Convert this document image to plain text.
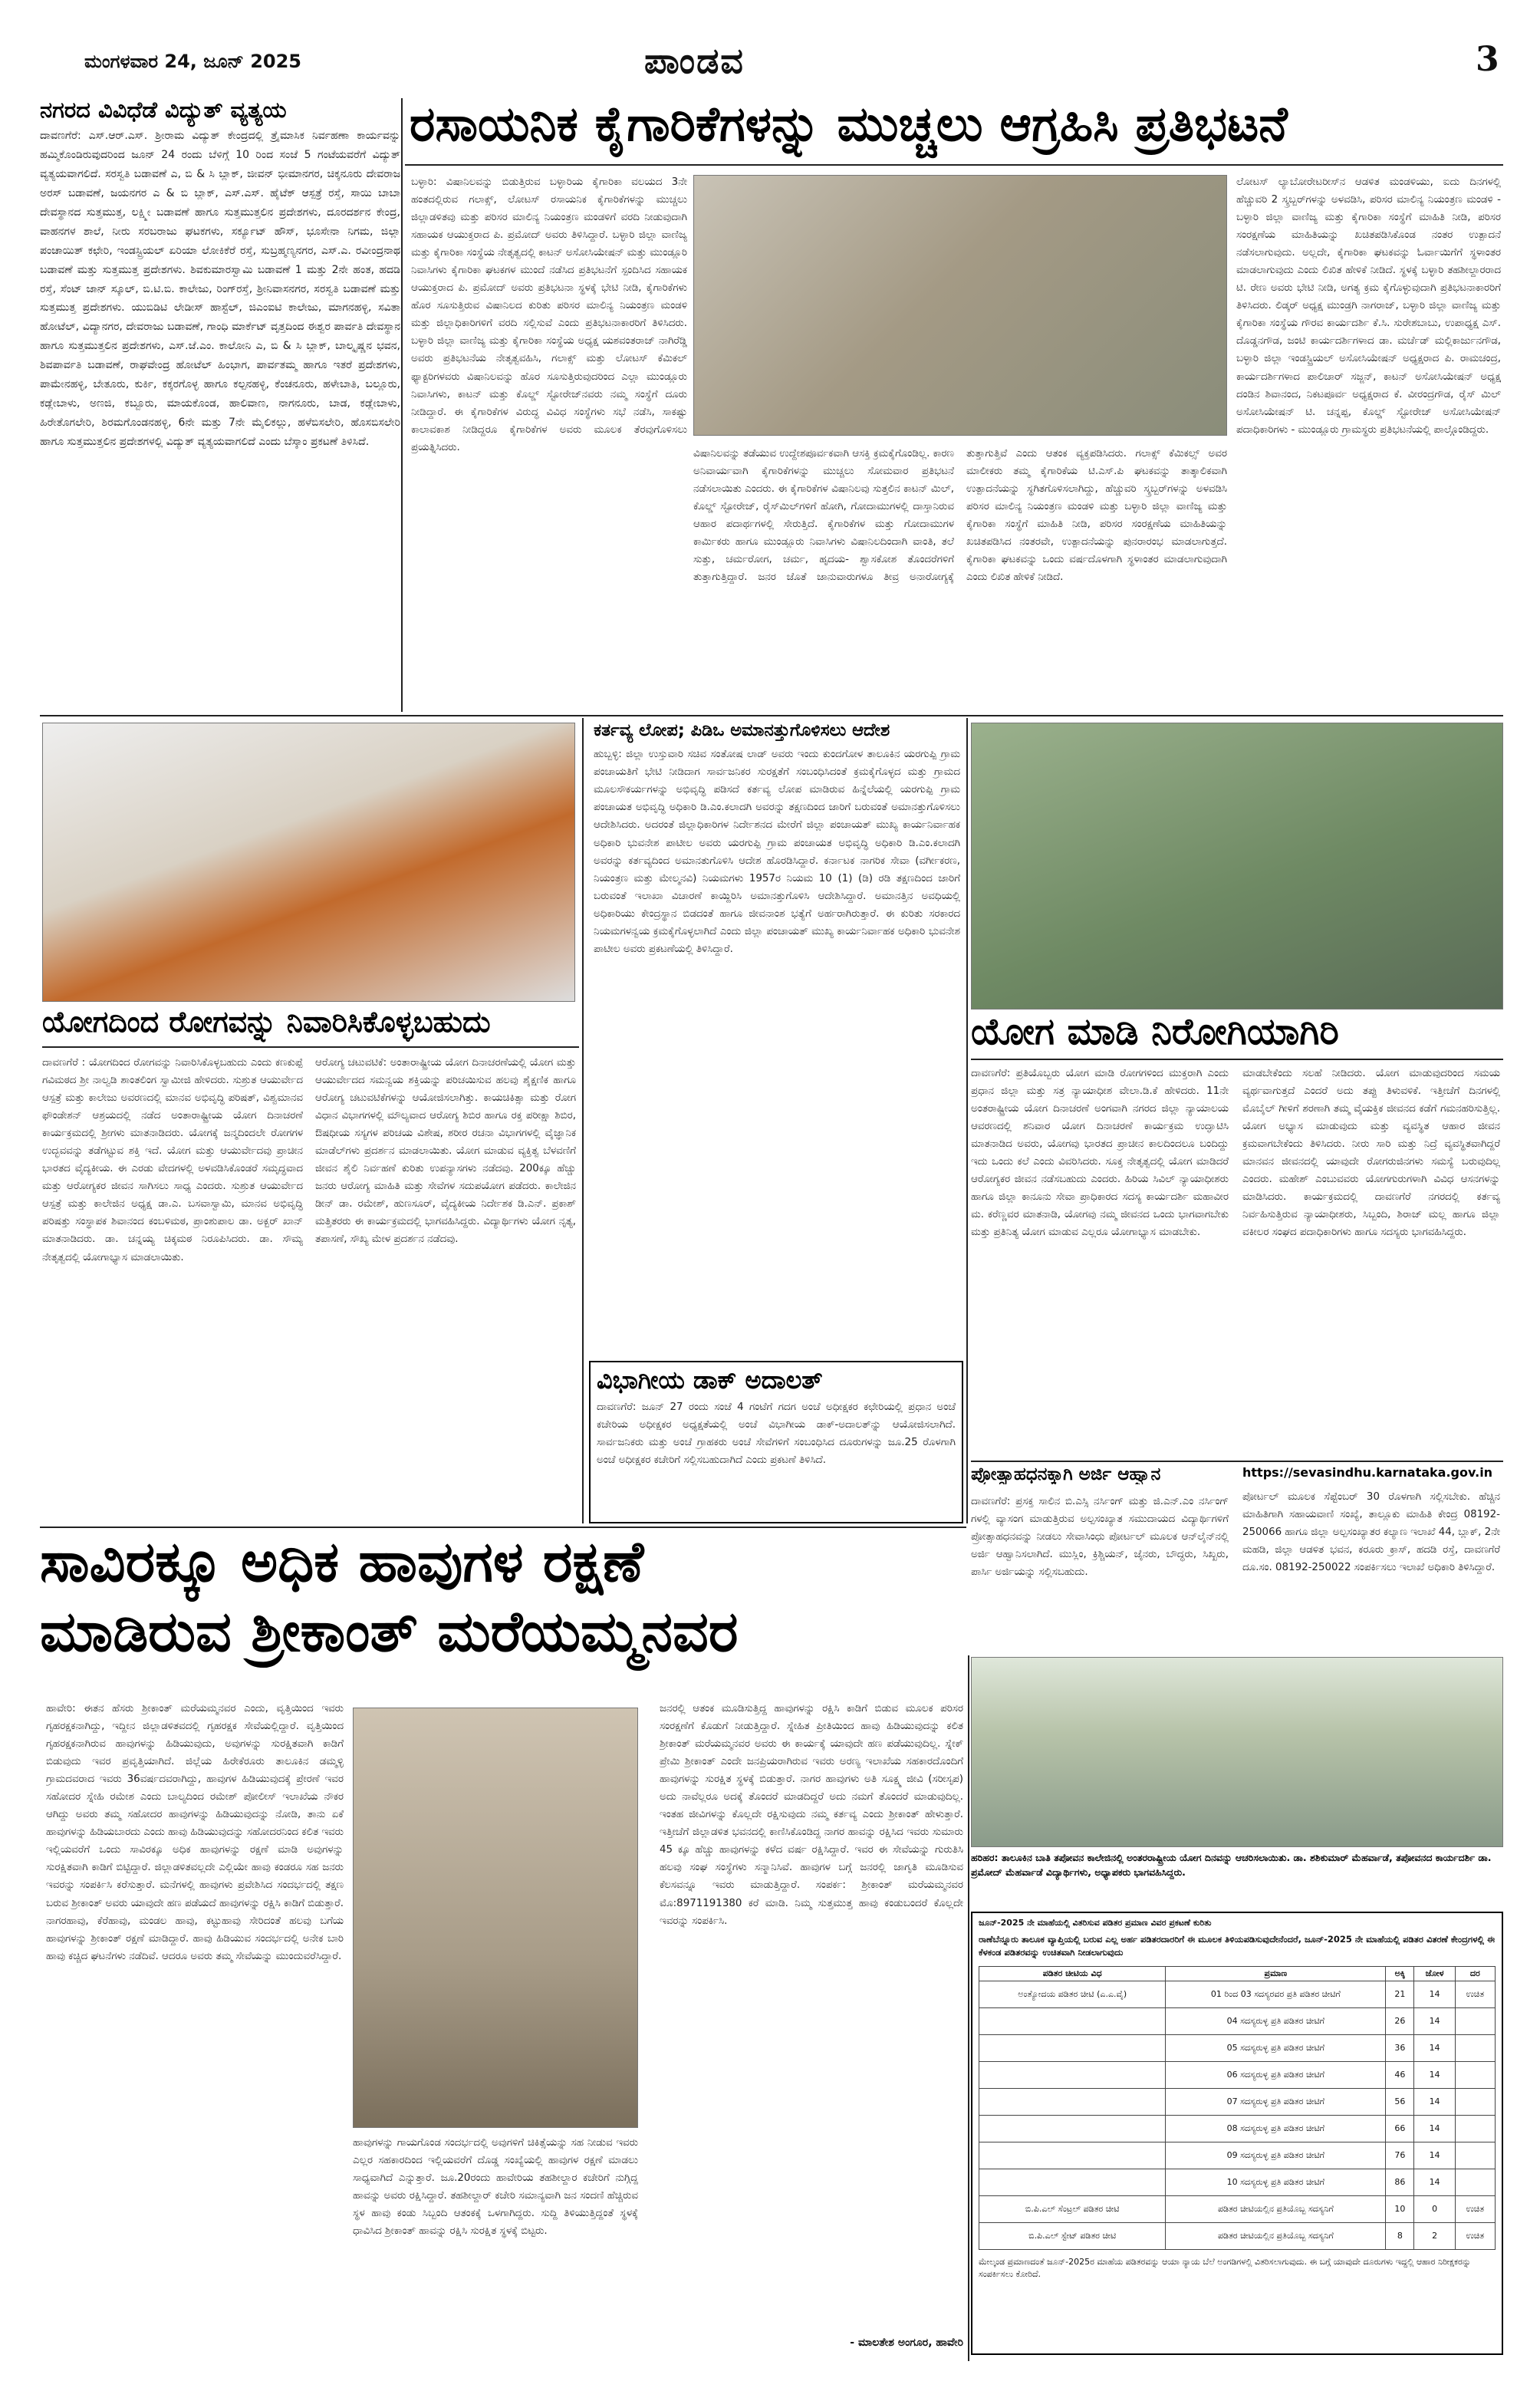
ಮಂಗಳವಾರ 24, ಜೂನ್ 2025	ಪಾಂಡವ	3
ನಗರದ ವಿವಿಧೆಡೆ ವಿದ್ಯುತ್ ವ್ಯತ್ಯಯ
ದಾವಣಗೆರೆ: ಎಸ್.ಆರ್.ಎಸ್. ಶ್ರೀರಾಮ ವಿದ್ಯುತ್ ಕೇಂದ್ರದಲ್ಲಿ ತ್ರೈಮಾಸಿಕ ನಿರ್ವಹಣಾ ಕಾರ್ಯವನ್ನು ಹಮ್ಮಿಕೊಂಡಿರುವುದರಿಂದ ಜೂನ್ 24 ರಂದು ಬೆಳಿಗ್ಗೆ 10 ರಿಂದ ಸಂಜೆ 5 ಗಂಟೆಯವರೆಗೆ ವಿದ್ಯುತ್ ವ್ಯತ್ಯಯವಾಗಲಿದೆ. ಸರಸ್ವತಿ ಬಡಾವಣೆ ಎ, ಬಿ & ಸಿ ಬ್ಲಾಕ್, ಜೀವನ್ ಭೀಮಾನಗರ, ಚಿಕ್ಕನೂರು ದೇವರಾಜ ಅರಸ್ ಬಡಾವಣೆ, ಜಯನಗರ ಎ & ಬಿ ಬ್ಲಾಕ್, ಎಸ್.ಎಸ್. ಹೈಟೆಕ್ ಆಸ್ಪತ್ರೆ ರಸ್ತೆ, ಸಾಯಿ ಬಾಬಾ ದೇವಸ್ಥಾನದ ಸುತ್ತಮುತ್ತ, ಲಕ್ಷ್ಮೀ ಬಡಾವಣೆ ಹಾಗೂ ಸುತ್ತಮುತ್ತಲಿನ ಪ್ರದೇಶಗಳು, ದೂರದರ್ಶನ ಕೇಂದ್ರ, ವಾಹನಗಳ ಶಾಲೆ, ನೀರು ಸರಬರಾಜು ಘಟಕಗಳು, ಸರ್ಕ್ಯೂಟ್ ಹೌಸ್, ಭೂಸೇನಾ ನಿಗಮ, ಜಿಲ್ಲಾ ಪಂಚಾಯಿತ್ ಕಛೇರಿ, ಇಂಡಸ್ಟ್ರಿಯಲ್ ಏರಿಯಾ ಲೋಕಿಕೆರೆ ರಸ್ತೆ, ಸುಬ್ರಹ್ಮಣ್ಯನಗರ, ಎಸ್.ಎ. ರವೀಂದ್ರನಾಥ ಬಡಾವಣೆ ಮತ್ತು ಸುತ್ತಮುತ್ತ ಪ್ರದೇಶಗಳು. ಶಿವಕುಮಾರಸ್ವಾಮಿ ಬಡಾವಣೆ 1 ಮತ್ತು 2ನೇ ಹಂತ, ಹದಡಿ ರಸ್ತೆ, ಸೆಂಟ್ ಜಾನ್ ಸ್ಕೂಲ್, ಬಿ.ಟಿ.ಬಿ. ಕಾಲೇಜು, ರಿಂಗ್‌ರಸ್ತೆ, ಶ್ರೀನಿವಾಸನಗರ, ಸರಸ್ವತಿ ಬಡಾವಣೆ ಮತ್ತು ಸುತ್ತಮುತ್ತ ಪ್ರದೇಶಗಳು. ಯುಬಿಡಿಟಿ ಲೇಡೀಸ್ ಹಾಸ್ಟೆಲ್, ಜಿಎಂಐಟಿ ಕಾಲೇಜು, ಮಾಗನಹಳ್ಳಿ, ಸವಿತಾ ಹೋಟೆಲ್, ವಿದ್ಯಾನಗರ, ದೇವರಾಜು ಬಡಾವಣೆ, ಗಾಂಧಿ ಮಾರ್ಕೆಟ್ ವೃತ್ತದಿಂದ ಈಶ್ವರ ಪಾರ್ವತಿ ದೇವಸ್ಥಾನ ಹಾಗೂ ಸುತ್ತಮುತ್ತಲಿನ ಪ್ರದೇಶಗಳು, ಎಸ್.ಜೆ.ಎಂ. ಕಾಲೋನಿ ಎ, ಬಿ & ಸಿ ಬ್ಲಾಕ್, ಬಾಲ್ಕೃಷ್ಣನ ಭವನ, ಶಿವಪಾರ್ವತಿ ಬಡಾವಣೆ, ರಾಘವೇಂದ್ರ ಹೋಟೆಲ್ ಹಿಂಭಾಗ, ಪಾರ್ವತಮ್ಮ ಹಾಗೂ ಇತರೆ ಪ್ರದೇಶಗಳು, ಪಾಮೇನಹಳ್ಳಿ, ಬೇತೂರು, ಕುರ್ಕಿ, ಕಕ್ಕರಗೊಳ್ಳ ಹಾಗೂ ಕಲ್ಪನಹಳ್ಳಿ, ಕೆಂಚನೂರು, ಹಳೇಬಾತಿ, ಬಲ್ಲೂರು, ಕಡ್ಲೇಬಾಳು, ಅಣಜಿ, ಕಬ್ಬೂರು, ಮಾಯಕೊಂಡ, ಹಾಲಿವಾಣ, ನಾಗನೂರು, ಬಾಡ, ಕಡ್ಲೇಬಾಳು, ಹಿರೇತೊಗಲೇರಿ, ಶಿರಮಗೊಂಡನಹಳ್ಳಿ, 6ನೇ ಮತ್ತು 7ನೇ ಮೈಲಿಕಲ್ಲು, ಹಳೆಬಿಸಲೇರಿ, ಹೊಸಬಿಸಲೇರಿ ಹಾಗೂ ಸುತ್ತಮುತ್ತಲಿನ ಪ್ರದೇಶಗಳಲ್ಲಿ ವಿದ್ಯುತ್ ವ್ಯತ್ಯಯವಾಗಲಿದೆ ಎಂದು ಬೆಸ್ಕಾಂ ಪ್ರಕಟಣೆ ತಿಳಿಸಿದೆ.
ರಸಾಯನಿಕ ಕೈಗಾರಿಕೆಗಳನ್ನು ಮುಚ್ಚಲು ಆಗ್ರಹಿಸಿ ಪ್ರತಿಭಟನೆ
ಬಳ್ಳಾರಿ: ವಿಷಾನಿಲವನ್ನು ಬಿಡುತ್ತಿರುವ ಬಳ್ಳಾರಿಯ ಕೈಗಾರಿಕಾ ವಲಯದ 3ನೇ ಹಂತದಲ್ಲಿರುವ ಗಲಾಕ್ಸ್, ಲೋಟಸ್ ರಸಾಯನಿಕ ಕೈಗಾರಿಕೆಗಳನ್ನು ಮುಚ್ಚಲು ಜಿಲ್ಲಾಡಳಿತವು ಮತ್ತು ಪರಿಸರ ಮಾಲಿನ್ಯ ನಿಯಂತ್ರಣ ಮಂಡಳಿಗೆ ವರದಿ ನೀಡುವುದಾಗಿ ಸಹಾಯಕ ಆಯುಕ್ತರಾದ ಪಿ. ಪ್ರಮೋದ್ ಅವರು ತಿಳಿಸಿದ್ದಾರೆ. ಬಳ್ಳಾರಿ ಜಿಲ್ಲಾ ವಾಣಿಜ್ಯ ಮತ್ತು ಕೈಗಾರಿಕಾ ಸಂಸ್ಥೆಯ ನೇತೃತ್ವದಲ್ಲಿ ಕಾಟನ್ ಅಸೋಸಿಯೇಷನ್ ಮತ್ತು ಮುಂಡ್ಲೂರಿ ನಿವಾಸಿಗಳು ಕೈಗಾರಿಕಾ ಘಟಕಗಳ ಮುಂದೆ ನಡೆಸಿದ ಪ್ರತಿಭಟನೆಗೆ ಸ್ಪಂದಿಸಿದ ಸಹಾಯಕ ಆಯುಕ್ತರಾದ ಪಿ. ಪ್ರಮೋದ್ ಅವರು ಪ್ರತಿಭಟನಾ ಸ್ಥಳಕ್ಕೆ ಭೇಟಿ ನೀಡಿ, ಕೈಗಾರಿಕೆಗಳು ಹೊರ ಸೂಸುತ್ತಿರುವ ವಿಷಾನಿಲದ ಕುರಿತು ಪರಿಸರ ಮಾಲಿನ್ಯ ನಿಯಂತ್ರಣ ಮಂಡಳಿ ಮತ್ತು ಜಿಲ್ಲಾಧಿಕಾರಿಗಳಿಗೆ ವರದಿ ಸಲ್ಲಿಸುವೆ ಎಂದು ಪ್ರತಿಭಟನಾಕಾರರಿಗೆ ತಿಳಿಸಿದರು. ಬಳ್ಳಾರಿ ಜಿಲ್ಲಾ ವಾಣಿಜ್ಯ ಮತ್ತು ಕೈಗಾರಿಕಾ ಸಂಸ್ಥೆಯ ಅಧ್ಯಕ್ಷ ಯಶವಂತರಾಜ್ ನಾಗಿರೆಡ್ಡಿ ಅವರು ಪ್ರತಿಭಟನೆಯ ನೇತೃತ್ವವಹಿಸಿ, ಗಲಾಕ್ಸ್ ಮತ್ತು ಲೋಟಸ್ ಕೆಮಿಕಲ್ ಫ್ಯಾಕ್ಟರಿಗಳವರು ವಿಷಾನಿಲವನ್ನು ಹೊರ ಸೂಸುತ್ತಿರುವುದರಿಂದ ಎಲ್ಲಾ ಮುಂಡ್ಲೂರು ನಿವಾಸಿಗಳು, ಕಾಟನ್ ಮತ್ತು ಕೊಲ್ಡ್ ಸ್ಟೋರೇಜ್‌ನವರು ನಮ್ಮ ಸಂಸ್ಥೆಗೆ ದೂರು ನೀಡಿದ್ದಾರೆ. ಈ ಕೈಗಾರಿಕೆಗಳ ವಿರುದ್ಧ ವಿವಿಧ ಸಂಸ್ಥೆಗಳು ಸಭೆ ನಡೆಸಿ, ಸಾಕಷ್ಟು ಕಾಲಾವಕಾಶ ನೀಡಿದ್ದರೂ ಕೈಗಾರಿಕೆಗಳ ಅವರು ಮೂಲಕ ತೆರವುಗೊಳಿಸಲು ಪ್ರಯತ್ನಿಸಿದರು.
ವಿಷಾನಿಲವನ್ನು ತಡೆಯುವ ಉದ್ದೇಶಪೂರ್ವಕವಾಗಿ ಆಸಕ್ತಿ ಕ್ರಮಕೈಗೊಂಡಿಲ್ಲ. ಕಾರಣ ಅನಿವಾರ್ಯವಾಗಿ ಕೈಗಾರಿಕೆಗಳನ್ನು ಮುಚ್ಚಲು ಸೋಮವಾರ ಪ್ರತಿಭಟನೆ ನಡೆಸಲಾಯಿತು ಎಂದರು. ಈ ಕೈಗಾರಿಕೆಗಳ ವಿಷಾನಿಲವು ಸುತ್ತಲಿನ ಕಾಟನ್ ಮಿಲ್, ಕೊಲ್ಡ್ ಸ್ಟೋರೇಜ್, ರೈಸ್‌ಮಿಲ್‌ಗಳಿಗೆ ಹೋಗಿ, ಗೋದಾಮುಗಳಲ್ಲಿ ದಾಸ್ತಾನಿರುವ ಆಹಾರ ಪದಾರ್ಥಗಳಲ್ಲಿ ಸೇರುತ್ತಿದೆ. ಕೈಗಾರಿಕೆಗಳ ಮತ್ತು ಗೋದಾಮುಗಳ ಕಾರ್ಮಿಕರು ಹಾಗೂ ಮುಂಡ್ಲೂರು ನಿವಾಸಿಗಳು ವಿಷಾನಿಲದಿಂದಾಗಿ ವಾಂತಿ, ತಲೆ ಸುತ್ತು, ಚರ್ಮರೋಗ, ಚರ್ಮ, ಹೃದಯ- ಶ್ವಾಸಕೋಶ ತೊಂದರೆಗಳಿಗೆ ತುತ್ತಾಗುತ್ತಿದ್ದಾರೆ. ಜನರ ಜೊತೆ ಜಾನುವಾರುಗಳೂ ತೀವ್ರ ಅನಾರೋಗ್ಯಕ್ಕೆ ತುತ್ತಾಗುತ್ತಿವೆ ಎಂದು ಆತಂಕ ವ್ಯಕ್ತಪಡಿಸಿದರು. ಗಲಾಕ್ಸ್ ಕೆಮಿಕಲ್ಸ್ ಅವರ ಮಾಲೀಕರು ತಮ್ಮ ಕೈಗಾರಿಕೆಯ ಟಿ.ಎಸ್.ಪಿ ಘಟಕವನ್ನು ತಾತ್ಕಾಲಿಕವಾಗಿ ಉತ್ಪಾದನೆಯನ್ನು ಸ್ಥಗಿತಗೊಳಿಸಲಾಗಿದ್ದು, ಹೆಚ್ಚುವರಿ ಸ್ಕ್ರಬ್ಬರ್‌ಗಳನ್ನು ಅಳವಡಿಸಿ ಪರಿಸರ ಮಾಲಿನ್ಯ ನಿಯಂತ್ರಣ ಮಂಡಳಿ ಮತ್ತು ಬಳ್ಳಾರಿ ಜಿಲ್ಲಾ ವಾಣಿಜ್ಯ ಮತ್ತು ಕೈಗಾರಿಕಾ ಸಂಸ್ಥೆಗೆ ಮಾಹಿತಿ ನೀಡಿ, ಪರಿಸರ ಸಂರಕ್ಷಣೆಯ ಮಾಹಿತಿಯನ್ನು ಖಚಿತಪಡಿಸಿದ ನಂತರವೇ, ಉತ್ಪಾದನೆಯನ್ನು ಪುನರಾರಂಭ ಮಾಡಲಾಗುತ್ತದೆ. ಕೈಗಾರಿಕಾ ಘಟಕವನ್ನು ಒಂದು ವರ್ಷದೊಳಗಾಗಿ ಸ್ಥಳಾಂತರ ಮಾಡಲಾಗುವುದಾಗಿ ಎಂದು ಲಿಖಿತ ಹೇಳಿಕೆ ನೀಡಿದೆ.
ಲೋಟಸ್ ಲ್ಯಾಬೋರೇಟರೀಸ್‌ನ ಆಡಳಿತ ಮಂಡಳಿಯು, ಐದು ದಿನಗಳಲ್ಲಿ ಹೆಚ್ಚುವರಿ 2 ಸ್ಕ್ರಬ್ಬರ್‌ಗಳನ್ನು ಅಳವಡಿಸಿ, ಪರಿಸರ ಮಾಲಿನ್ಯ ನಿಯಂತ್ರಣ ಮಂಡಳಿ - ಬಳ್ಳಾರಿ ಜಿಲ್ಲಾ ವಾಣಿಜ್ಯ ಮತ್ತು ಕೈಗಾರಿಕಾ ಸಂಸ್ಥೆಗೆ ಮಾಹಿತಿ ನೀಡಿ, ಪರಿಸರ ಸಂರಕ್ಷಣೆಯ ಮಾಹಿತಿಯನ್ನು ಖಚಿತಪಡಿಸಿಕೊಂಡ ನಂತರ ಉತ್ಪಾದನೆ ನಡೆಸಲಾಗುವುದು. ಅಲ್ಲದೇ, ಕೈಗಾರಿಕಾ ಘಟಕವನ್ನು ಓರ್ವಾಯಿಗೆಗೆ ಸ್ಥಳಾಂತರ ಮಾಡಲಾಗುವುದು ಎಂದು ಲಿಖಿತ ಹೇಳಿಕೆ ನೀಡಿದೆ. ಸ್ಥಳಕ್ಕೆ ಬಳ್ಳಾರಿ ತಹಶೀಲ್ದಾರರಾದ ಟಿ. ರೇಣ ಅವರು ಭೇಟಿ ನೀಡಿ, ಅಗತ್ಯ ಕ್ರಮ ಕೈಗೊಳ್ಳುವುದಾಗಿ ಪ್ರತಿಭಟನಾಕಾರರಿಗೆ ತಿಳಿಸಿದರು. ಲಿಡ್ಕರ್ ಅಧ್ಯಕ್ಷ ಮುಂಡ್ರಗಿ ನಾಗರಾಜ್, ಬಳ್ಳಾರಿ ಜಿಲ್ಲಾ ವಾಣಿಜ್ಯ ಮತ್ತು ಕೈಗಾರಿಕಾ ಸಂಸ್ಥೆಯ ಗೌರವ ಕಾರ್ಯದರ್ಶಿ ಕೆ.ಸಿ. ಸುರೇಶಬಾಬು, ಉಪಾಧ್ಯಕ್ಷ ಎಸ್. ದೊಡ್ಡನಗೌಡ, ಜಂಟಿ ಕಾರ್ಯದರ್ಶಿಗಳಾದ ಡಾ. ಮರ್ಚೆಡ್ ಮಲ್ಲಿಕಾರ್ಜುನಗೌಡ, ಬಳ್ಳಾರಿ ಜಿಲ್ಲಾ ಇಂಡಸ್ಟ್ರಿಯಲ್ ಅಸೋಸಿಯೇಷನ್ ಅಧ್ಯಕ್ಷರಾದ ಪಿ. ರಾಮಚಂದ್ರ, ಕಾರ್ಯದರ್ಶಿಗಳಾದ ಪಾಲಿಚಾರ್ ಸಜ್ಜನ್, ಕಾಟನ್ ಅಸೋಸಿಯೇಷನ್ ಅಧ್ಯಕ್ಷ ದಂಡಿನ ಶಿವಾನಂದ, ನಿಕಟಪೂರ್ವ ಅಧ್ಯಕ್ಷರಾದ ಕೆ. ವೀರಂದ್ರಗೌಡ, ರೈಸ್ ಮಿಲ್ ಅಸೋಸಿಯೇಷನ್ ಟಿ. ಚನ್ನಪ್ಪ, ಕೊಲ್ಡ್ ಸ್ಟೋರೇಜ್ ಅಸೋಸಿಯೇಷನ್ ಪದಾಧಿಕಾರಿಗಳು - ಮುಂಡ್ಲೂರು ಗ್ರಾಮಸ್ಥರು ಪ್ರತಿಭಟನೆಯಲ್ಲಿ ಪಾಲ್ಗೊಂಡಿದ್ದರು.
ಯೋಗದಿಂದ ರೋಗವನ್ನು ನಿವಾರಿಸಿಕೊಳ್ಳಬಹುದು
ದಾವಣಗೆರೆ : ಯೋಗದಿಂದ ರೋಗವನ್ನು ನಿವಾರಿಸಿಕೊಳ್ಳಬಹುದು ಎಂದು ಕಣಕುಪ್ಪೆ ಗವಿಮಠದ ಶ್ರೀ ನಾಲ್ವಡಿ ಶಾಂತಲಿಂಗ ಸ್ವಾಮೀಜಿ ಹೇಳಿದರು. ಸುಶ್ರುತ ಆಯುರ್ವೇದ ಆಸ್ಪತ್ರೆ ಮತ್ತು ಕಾಲೇಜು ಅವರಣದಲ್ಲಿ ಮಾನವ ಅಭಿವೃದ್ಧಿ ಪರಿಷತ್, ವಿಶ್ವಮಾನವ ಫೌಂಡೇಶನ್ ಆಶ್ರಯದಲ್ಲಿ ನಡೆದ ಅಂತಾರಾಷ್ಟ್ರೀಯ ಯೋಗ ದಿನಾಚರಣೆ ಕಾರ್ಯಕ್ರಮದಲ್ಲಿ ಶ್ರೀಗಳು ಮಾತನಾಡಿದರು. ಯೋಗಕ್ಕೆ ಜನ್ಮದಿಂದಲೇ ರೋಗಗಳ ಉದ್ಭವವನ್ನು ತಡೆಗಟ್ಟುವ ಶಕ್ತಿ ಇದೆ. ಯೋಗ ಮತ್ತು ಆಯುರ್ವೇದವು ಪ್ರಾಚೀನ ಭಾರತದ ವೈದ್ಯಕೀಯ. ಈ ಎರಡು ವೇದಗಳಲ್ಲಿ ಅಳವಡಿಸಿಕೊಂಡರೆ ಸಮೃದ್ಧವಾದ ಮತ್ತು ಆರೋಗ್ಯಕರ ಜೀವನ ಸಾಗಿಸಲು ಸಾಧ್ಯ ಎಂದರು. ಸುಶ್ರುತ ಆಯುರ್ವೇದ ಆಸ್ಪತ್ರೆ ಮತ್ತು ಕಾಲೇಜಿನ ಅಧ್ಯಕ್ಷ ಡಾ.ಎ. ಬಸವಾಸ್ವಾಮಿ, ಮಾನವ ಅಭಿವೃದ್ಧಿ ಪರಿಷತ್ತು ಸಂಸ್ಥಾಪಕ ಶಿವಾನಂದ ಕಂಬಳಿಮಠ, ಪ್ರಾಂಶುಪಾಲ ಡಾ. ಅಕ್ಬರ್ ಖಾನ್ ಮಾತನಾಡಿದರು. ಡಾ. ಚನ್ನಯ್ಯ ಚಿಕ್ಕಮಠ ನಿರೂಪಿಸಿದರು. ಡಾ. ಸೌಮ್ಯ ನೇತೃತ್ವದಲ್ಲಿ ಯೋಗಾಭ್ಯಾಸ ಮಾಡಲಾಯಿತು.
ಆರೋಗ್ಯ ಚಟುವಟಿಕೆ: ಅಂತಾರಾಷ್ಟ್ರೀಯ ಯೋಗ ದಿನಾಚರಣೆಯಲ್ಲಿ ಯೋಗ ಮತ್ತು ಆಯುರ್ವೇದದ ಸಮನ್ವಯ ಶಕ್ತಿಯನ್ನು ಪರಿಚಯಿಸುವ ಹಲವು ಶೈಕ್ಷಣಿಕ ಹಾಗೂ ಆರೋಗ್ಯ ಚಟುವಟಿಕೆಗಳನ್ನು ಆಯೋಜಿಸಲಾಗಿತ್ತು. ಕಾಯಚಿಕಿತ್ಸಾ ಮತ್ತು ರೋಗ ವಿಧಾನ ವಿಭಾಗಗಳಲ್ಲಿ ಮೌಲ್ಯವಾದ ಆರೋಗ್ಯ ಶಿಬಿರ ಹಾಗೂ ರಕ್ತ ಪರೀಕ್ಷಾ ಶಿಬಿರ, ಔಷಧೀಯ ಸಸ್ಯಗಳ ಪರಿಚಯ ವಿಶೇಷ, ಶರೀರ ರಚನಾ ವಿಭಾಗಗಳಲ್ಲಿ ವೈಜ್ಞಾನಿಕ ಮಾಡೆಲ್‌ಗಳು ಪ್ರದರ್ಶನ ಮಾಡಲಾಯಿತು. ಯೋಗ ಮಾಡುವ ವ್ಯಕ್ತಿತ್ವ ಬೆಳವಣಿಗೆ ಜೀವನ ಶೈಲಿ ನಿರ್ವಹಣೆ ಕುರಿತು ಉಪನ್ಯಾಸಗಳು ನಡೆದವು. 200ಕ್ಕೂ ಹೆಚ್ಚು ಜನರು ಆರೋಗ್ಯ ಮಾಹಿತಿ ಮತ್ತು ಸೇವೆಗಳ ಸದುಪಯೋಗ ಪಡೆದರು. ಕಾಲೇಜಿನ ಡೀನ್ ಡಾ. ರಮೇಶ್, ಹುಣಸೂರ್, ವೈದ್ಯಕೀಯ ನಿರ್ದೇಶಕ ಡಿ.ಎನ್. ಪ್ರಕಾಶ್ ಮತ್ತಿತರರು ಈ ಕಾರ್ಯಕ್ರಮದಲ್ಲಿ ಭಾಗವಹಿಸಿದ್ದರು. ವಿದ್ಯಾರ್ಥಿಗಳು ಯೋಗ ನೃತ್ಯ, ತಪಾಸಣೆ, ಸೌಖ್ಯ ಮೇಳ ಪ್ರದರ್ಶನ ನಡೆದವು.
ಕರ್ತವ್ಯ ಲೋಪ; ಪಿಡಿಒ ಅಮಾನತ್ತುಗೊಳಿಸಲು ಆದೇಶ
ಹುಬ್ಬಳ್ಳಿ: ಜಿಲ್ಲಾ ಉಸ್ತುವಾರಿ ಸಚಿವ ಸಂತೋಷ ಲಾಡ್ ಅವರು ಇಂದು ಕುಂದಗೋಳ ತಾಲೂಕಿನ ಯರಗುಪ್ಪಿ ಗ್ರಾಮ ಪಂಚಾಯತಿಗೆ ಭೇಟಿ ನೀಡಿದಾಗ ಸಾರ್ವಜನಿಕರ ಸುರಕ್ಷತೆಗೆ ಸಂಬಂಧಿಸಿದಂತೆ ಕ್ರಮಕೈಗೊಳ್ಳದ ಮತ್ತು ಗ್ರಾಮದ ಮೂಲಸೌಕರ್ಯಗಳನ್ನು ಅಭಿವೃದ್ಧಿ ಪಡಿಸದೆ ಕರ್ತವ್ಯ ಲೋಪ ಮಾಡಿರುವ ಹಿನ್ನೆಲೆಯಲ್ಲಿ ಯರಗುಪ್ಪಿ ಗ್ರಾಮ ಪಂಚಾಯತ ಅಭಿವೃದ್ಧಿ ಅಧಿಕಾರಿ ಡಿ.ಎಂ.ಕಲಾದಗಿ ಅವರನ್ನು ತಕ್ಷಣದಿಂದ ಜಾರಿಗೆ ಬರುವಂತೆ ಅಮಾನತ್ತುಗೊಳಿಸಲು ಆದೇಶಿಸಿದರು. ಅದರಂತೆ ಜಿಲ್ಲಾಧಿಕಾರಿಗಳ ನಿರ್ದೇಶನದ ಮೇರೆಗೆ ಜಿಲ್ಲಾ ಪಂಚಾಯತ್ ಮುಖ್ಯ ಕಾರ್ಯನಿರ್ವಾಹಕ ಅಧಿಕಾರಿ ಭುವನೇಶ ಪಾಟೀಲ ಅವರು ಯರಗುಪ್ಪಿ ಗ್ರಾಮ ಪಂಚಾಯತ ಅಭಿವೃದ್ಧಿ ಅಧಿಕಾರಿ ಡಿ.ಎಂ.ಕಲಾದಗಿ ಅವರನ್ನು ಕರ್ತವ್ಯದಿಂದ ಅಮಾನತುಗೊಳಿಸಿ ಆದೇಶ ಹೊರಡಿಸಿದ್ದಾರೆ. ಕರ್ನಾಟಕ ನಾಗರಿಕ ಸೇವಾ (ವರ್ಗೀಕರಣ, ನಿಯಂತ್ರಣ ಮತ್ತು ಮೇಲ್ಮನವಿ) ನಿಯಮಗಳು 1957ರ ನಿಯಮ 10 (1) (ಡಿ) ರಡಿ ತಕ್ಷಣದಿಂದ ಜಾರಿಗೆ ಬರುವಂತೆ ಇಲಾಖಾ ವಿಚಾರಣೆ ಕಾಯ್ದಿರಿಸಿ ಅಮಾನತ್ತುಗೊಳಿಸಿ ಆದೇಶಿಸಿದ್ದಾರೆ. ಅಮಾನತ್ತಿನ ಅವಧಿಯಲ್ಲಿ ಅಧಿಕಾರಿಯು ಕೇಂದ್ರಸ್ಥಾನ ಬಿಡದಂತೆ ಹಾಗೂ ಜೀವನಾಂಶ ಭತ್ಯೆಗೆ ಅರ್ಹರಾಗಿರುತ್ತಾರೆ. ಈ ಕುರಿತು ಸರಕಾರದ ನಿಯಮಗಳನ್ವಯ ಕ್ರಮಕೈಗೊಳ್ಳಲಾಗಿದೆ ಎಂದು ಜಿಲ್ಲಾ ಪಂಚಾಯತ್ ಮುಖ್ಯ ಕಾರ್ಯನಿರ್ವಾಹಕ ಅಧಿಕಾರಿ ಭುವನೇಶ ಪಾಟೀಲ ಅವರು ಪ್ರಕಟಣೆಯಲ್ಲಿ ತಿಳಿಸಿದ್ದಾರೆ.
ವಿಭಾಗೀಯ ಡಾಕ್ ಅದಾಲತ್
ದಾವಣಗೆರೆ: ಜೂನ್ 27 ರಂದು ಸಂಜೆ 4 ಗಂಟೆಗೆ ಗದಗ ಅಂಚೆ ಅಧೀಕ್ಷಕರ ಕಛೇರಿಯಲ್ಲಿ ಪ್ರಧಾನ ಅಂಚೆ ಕಚೇರಿಯ ಅಧೀಕ್ಷಕರ ಅಧ್ಯಕ್ಷತೆಯಲ್ಲಿ ಅಂಚೆ ವಿಭಾಗೀಯ ಡಾಕ್-ಅದಾಲತ್‌ನ್ನು ಆಯೋಜಿಸಲಾಗಿದೆ. ಸಾರ್ವಜನಿಕರು ಮತ್ತು ಅಂಚೆ ಗ್ರಾಹಕರು ಅಂಚೆ ಸೇವೆಗಳಿಗೆ ಸಂಬಂಧಿಸಿದ ದೂರುಗಳನ್ನು ಜೂ.25 ರೊಳಗಾಗಿ ಅಂಚೆ ಅಧೀಕ್ಷಕರ ಕಚೇರಿಗೆ ಸಲ್ಲಿಸಬಹುದಾಗಿದೆ ಎಂದು ಪ್ರಕಟಣೆ ತಿಳಿಸಿದೆ.
ಯೋಗ ಮಾಡಿ ನಿರೋಗಿಯಾಗಿರಿ
ದಾವಣಗೆರೆ: ಪ್ರತಿಯೊಬ್ಬರು ಯೋಗ ಮಾಡಿ ರೋಗಗಳಿಂದ ಮುಕ್ತರಾಗಿ ಎಂದು ಪ್ರಧಾನ ಜಿಲ್ಲಾ ಮತ್ತು ಸತ್ರ ನ್ಯಾಯಾಧೀಶ ವೇಲಾ.ಡಿ.ಕೆ ಹೇಳಿದರು. 11ನೇ ಅಂತರಾಷ್ಟ್ರೀಯ ಯೋಗ ದಿನಾಚರಣೆ ಅಂಗವಾಗಿ ನಗರದ ಜಿಲ್ಲಾ ನ್ಯಾಯಾಲಯ ಆವರಣದಲ್ಲಿ ಶನಿವಾರ ಯೋಗ ದಿನಾಚರಣೆ ಕಾರ್ಯಕ್ರಮ ಉದ್ಘಾಟಿಸಿ ಮಾತನಾಡಿದ ಅವರು, ಯೋಗವು ಭಾರತದ ಪ್ರಾಚೀನ ಕಾಲದಿಂದಲೂ ಬಂದಿದ್ದು ಇದು ಒಂದು ಕಲೆ ಎಂದು ವಿವರಿಸಿದರು. ಸೂಕ್ತ ನೇತೃತ್ವದಲ್ಲಿ ಯೋಗ ಮಾಡಿದರೆ ಆರೋಗ್ಯಕರ ಜೀವನ ನಡೆಸಬಹುದು ಎಂದರು. ಹಿರಿಯ ಸಿವಿಲ್ ನ್ಯಾಯಾಧೀಶರು ಹಾಗೂ ಜಿಲ್ಲಾ ಕಾನೂನು ಸೇವಾ ಪ್ರಾಧಿಕಾರದ ಸದಸ್ಯ ಕಾರ್ಯದರ್ಶಿ ಮಹಾವೀರ ಮ. ಕರೆಣ್ಣವರ ಮಾತನಾಡಿ, ಯೋಗವು ನಮ್ಮ ಜೀವನದ ಒಂದು ಭಾಗವಾಗಬೇಕು ಮತ್ತು ಪ್ರತಿನಿತ್ಯ ಯೋಗ ಮಾಡುವ ಎಲ್ಲರೂ ಯೋಗಾಭ್ಯಾಸ ಮಾಡಬೇಕು.
ಮಾಡಬೇಕೆಂದು ಸಲಹೆ ನೀಡಿದರು. ಯೋಗ ಮಾಡುವುದರಿಂದ ಸಮಯ ವ್ಯರ್ಥವಾಗುತ್ತದೆ ಎಂದರೆ ಅದು ತಪ್ಪು ತಿಳುವಳಿಕೆ. ಇತ್ತೀಚೆಗೆ ದಿನಗಳಲ್ಲಿ ಮೊಬೈಲ್ ಗೀಳಿಗೆ ಶರಣಾಗಿ ತಮ್ಮ ವೈಯಕ್ತಿಕ ಜೀವನದ ಕಡೆಗೆ ಗಮನಹರಿಸುತ್ತಿಲ್ಲ. ಯೋಗ ಅಭ್ಯಾಸ ಮಾಡುವುದು ಮತ್ತು ವ್ಯವಸ್ಥಿತ ಆಹಾರ ಜೀವನ ಕ್ರಮವಾಗಬೇಕೆಂದು ತಿಳಿಸಿದರು. ನೀರು ಸಾರಿ ಮತ್ತು ನಿದ್ರೆ ವ್ಯವಸ್ಥಿತವಾಗಿದ್ದರೆ ಮಾನವನ ಜೀವನದಲ್ಲಿ ಯಾವುದೇ ರೋಗರುಜಿನಗಳು ಸಮಸ್ಯೆ ಬರುವುದಿಲ್ಲ ಎಂದರು. ಮಹೇಶ್ ಎಂಬುವವರು ಯೋಗಗುರುಗಳಾಗಿ ವಿವಿಧ ಆಸನಗಳನ್ನು ಮಾಡಿಸಿದರು. ಕಾರ್ಯಕ್ರಮದಲ್ಲಿ ದಾವಣಗೆರೆ ನಗರದಲ್ಲಿ ಕರ್ತವ್ಯ ನಿರ್ವಹಿಸುತ್ತಿರುವ ನ್ಯಾಯಾಧೀಶರು, ಸಿಬ್ಬಂದಿ, ಶಿರಾಜ್ ಮಲ್ಲ ಹಾಗೂ ಜಿಲ್ಲಾ ವಕೀಲರ ಸಂಘದ ಪದಾಧಿಕಾರಿಗಳು ಹಾಗೂ ಸದಸ್ಯರು ಭಾಗವಹಿಸಿದ್ದರು.
ಪ್ರೋತ್ಸಾಹಧನಕ್ಕಾಗಿ ಅರ್ಜಿ ಆಹ್ವಾನ
ದಾವಣಗೆರೆ: ಪ್ರಸಕ್ತ ಸಾಲಿನ ಬಿ.ಎಸ್ಸಿ ನರ್ಸಿಂಗ್ ಮತ್ತು ಜಿ.ಎನ್.ಎಂ ನರ್ಸಿಂಗ್ ಗಳಲ್ಲಿ ವ್ಯಾಸಂಗ ಮಾಡುತ್ತಿರುವ ಅಲ್ಪಸಂಖ್ಯಾತ ಸಮುದಾಯದ ವಿದ್ಯಾರ್ಥಿಗಳಿಗೆ ಪ್ರೋತ್ಸಾಹಧನವನ್ನು ನೀಡಲು ಸೇವಾಸಿಂಧು ಪೋರ್ಟಲ್ ಮೂಲಕ ಆನ್‌ಲೈನ್‌ನಲ್ಲಿ ಅರ್ಜಿ ಆಹ್ವಾನಿಸಲಾಗಿದೆ. ಮುಸ್ಲಿಂ, ಕ್ರಿಶ್ಚಿಯನ್, ಜೈನರು, ಬೌದ್ಧರು, ಸಿಖ್ಖರು, ಪಾರ್ಸಿ ಅರ್ಜಿಯನ್ನು ಸಲ್ಲಿಸಬಹುದು.
https://sevasindhu.karnataka.gov.in
ಪೋರ್ಟಲ್ ಮೂಲಕ ಸೆಪ್ಟೆಂಬರ್ 30 ರೊಳಗಾಗಿ ಸಲ್ಲಿಸಬೇಕು. ಹೆಚ್ಚಿನ ಮಾಹಿತಿಗಾಗಿ ಸಹಾಯವಾಣಿ ಸಂಖ್ಯೆ, ತಾಲ್ಲೂಕು ಮಾಹಿತಿ ಕೇಂದ್ರ 08192-250066 ಹಾಗೂ ಜಿಲ್ಲಾ ಅಲ್ಪಸಂಖ್ಯಾತರ ಕಲ್ಯಾಣ ಇಲಾಖೆ 44, ಬ್ಲಾಕ್, 2ನೇ ಮಹಡಿ, ಜಿಲ್ಲಾ ಆಡಳಿತ ಭವನ, ಕರೂರು ಕ್ರಾಸ್, ಹದಡಿ ರಸ್ತೆ, ದಾವಣಗೆರೆ ದೂ.ಸಂ. 08192-250022 ಸಂಪರ್ಕಿಸಲು ಇಲಾಖೆ ಅಧಿಕಾರಿ ತಿಳಿಸಿದ್ದಾರೆ.
ಸಾವಿರಕ್ಕೂ ಅಧಿಕ ಹಾವುಗಳ ರಕ್ಷಣೆ
ಮಾಡಿರುವ ಶ್ರೀಕಾಂತ್ ಮರೆಯಮ್ಮನವರ
ಹಾವೇರಿ: ಈತನ ಹೆಸರು ಶ್ರೀಕಾಂತ್ ಮರೆಯಮ್ಮನವರ ಎಂದು, ವೃತ್ತಿಯಿಂದ ಇವರು ಗೃಹರಕ್ಷಕನಾಗಿದ್ದು, ಇದ್ದೀನ ಜಿಲ್ಲಾಡಳಿತವದಲ್ಲಿ ಗೃಹರಕ್ಷಕ ಸೇವೆಯಲ್ಲಿದ್ದಾರೆ. ವೃತ್ತಿಯಿಂದ ಗೃಹರಕ್ಷಕನಾಗಿರುವ ಹಾವುಗಳನ್ನು ಹಿಡಿಯುವುದು, ಅವುಗಳನ್ನು ಸುರಕ್ಷಿತವಾಗಿ ಕಾಡಿಗೆ ಬಿಡುವುದು ಇವರ ಪ್ರವೃತ್ತಿಯಾಗಿದೆ. ಜಿಲ್ಲೆಯ ಹಿರೇಕೆರೂರು ತಾಲೂಕಿನ ಡಮ್ಮಳ್ಳಿ ಗ್ರಾಮದವರಾದ ಇವರು 36ವರ್ಷದವರಾಗಿದ್ದು, ಹಾವುಗಳ ಹಿಡಿಯುವುದಕ್ಕೆ ಪ್ರೇರಣೆ ಇವರ ಸಹೋದರ ಸ್ನೇಹಿ ರಮೇಶ ಎಂದು ಬಾಲ್ಯದಿಂದ ರಮೇಶ್ ಪೋಲೀಸ್ ಇಲಾಖೆಯ ನೌಕರ ಆಗಿದ್ದು ಅವರು ತಮ್ಮ ಸಹೋದರ ಹಾವುಗಳನ್ನು ಹಿಡಿಯುವುದನ್ನು ನೋಡಿ, ತಾನು ಏಕೆ ಹಾವುಗಳನ್ನು ಹಿಡಿಯಬಾರದು ಎಂದು ಹಾವು ಹಿಡಿಯುವುದನ್ನು ಸಹೋದರನಿಂದ ಕಲಿತ ಇವರು ಇಲ್ಲಿಯವರೆಗೆ ಒಂದು ಸಾವಿರಕ್ಕೂ ಅಧಿಕ ಹಾವುಗಳನ್ನು ರಕ್ಷಣೆ ಮಾಡಿ ಅವುಗಳನ್ನು ಸುರಕ್ಷಿತವಾಗಿ ಕಾಡಿಗೆ ಬಿಟ್ಟಿದ್ದಾರೆ. ಜಿಲ್ಲಾಡಳಿತವಲ್ಲದೇ ಎಲ್ಲಿಯೇ ಹಾವು ಕಂಡರೂ ಸಹ ಜನರು ಇವರನ್ನು ಸಂಪರ್ಕಿಸಿ ಕರೆಸುತ್ತಾರೆ. ಮನೆಗಳಲ್ಲಿ ಹಾವುಗಳು ಪ್ರವೇಶಿಸಿದ ಸಂದರ್ಭದಲ್ಲಿ ತಕ್ಷಣ ಬರುವ ಶ್ರೀಕಾಂತ್ ಅವರು ಯಾವುದೇ ಹಣ ಪಡೆಯದೆ ಹಾವುಗಳನ್ನು ರಕ್ಷಿಸಿ ಕಾಡಿಗೆ ಬಿಡುತ್ತಾರೆ. ನಾಗರಹಾವು, ಕೆರೆಹಾವು, ಮಂಡಲ ಹಾವು, ಕಟ್ಟುಹಾವು ಸೇರಿದಂತೆ ಹಲವು ಬಗೆಯ ಹಾವುಗಳನ್ನು ಶ್ರೀಕಾಂತ್ ರಕ್ಷಣೆ ಮಾಡಿದ್ದಾರೆ. ಹಾವು ಹಿಡಿಯುವ ಸಂದರ್ಭದಲ್ಲಿ ಅನೇಕ ಬಾರಿ ಹಾವು ಕಚ್ಚಿದ ಘಟನೆಗಳು ನಡೆದಿವೆ. ಆದರೂ ಅವರು ತಮ್ಮ ಸೇವೆಯನ್ನು ಮುಂದುವರೆಸಿದ್ದಾರೆ.
ಹಾವುಗಳನ್ನು ಗಾಯಗೊಂಡ ಸಂದರ್ಭದಲ್ಲಿ ಅವುಗಳಿಗೆ ಚಿಕಿತ್ಸೆಯನ್ನು ಸಹ ನೀಡುವ ಇವರು ಎಲ್ಲರ ಸಹಕಾರದಿಂದ ಇಲ್ಲಿಯವರೆಗೆ ದೊಡ್ಡ ಸಂಖ್ಯೆಯಲ್ಲಿ ಹಾವುಗಳ ರಕ್ಷಣೆ ಮಾಡಲು ಸಾಧ್ಯವಾಗಿದೆ ಎನ್ನುತ್ತಾರೆ. ಜೂ.20ರಂದು ಹಾವೇರಿಯ ತಹಶೀಲ್ದಾರ ಕಚೇರಿಗೆ ನುಗ್ಗಿದ್ದ ಹಾವನ್ನು ಅವರು ರಕ್ಷಿಸಿದ್ದಾರೆ. ತಹಶೀಲ್ದಾರ್ ಕಚೇರಿ ಸಮಾನ್ಯವಾಗಿ ಜನ ಸಂದಣಿ ಹೆಚ್ಚಿರುವ ಸ್ಥಳ ಹಾವು ಕಂಡು ಸಿಬ್ಬಂದಿ ಆತಂಕಕ್ಕೆ ಒಳಗಾಗಿದ್ದರು. ಸುದ್ದಿ ತಿಳಿಯುತ್ತಿದ್ದಂತೆ ಸ್ಥಳಕ್ಕೆ ಧಾವಿಸಿದ ಶ್ರೀಕಾಂತ್ ಹಾವನ್ನು ರಕ್ಷಿಸಿ ಸುರಕ್ಷಿತ ಸ್ಥಳಕ್ಕೆ ಬಿಟ್ಟರು.
ಜನರಲ್ಲಿ ಆತಂಕ ಮೂಡಿಸುತ್ತಿದ್ದ ಹಾವುಗಳನ್ನು ರಕ್ಷಿಸಿ ಕಾಡಿಗೆ ಬಿಡುವ ಮೂಲಕ ಪರಿಸರ ಸಂರಕ್ಷಣೆಗೆ ಕೊಡುಗೆ ನೀಡುತ್ತಿದ್ದಾರೆ. ಸ್ನೇಹಿತ ಪ್ರೀತಿಯಿಂದ ಹಾವು ಹಿಡಿಯುವುದನ್ನು ಕಲಿತ ಶ್ರೀಕಾಂತ್ ಮರೆಯಮ್ಮನವರ ಅವರು ಈ ಕಾರ್ಯಕ್ಕೆ ಯಾವುದೇ ಹಣ ಪಡೆಯುವುದಿಲ್ಲ. ಸ್ನೇಕ್ ಪ್ರೇಮಿ ಶ್ರೀಕಾಂತ್ ಎಂದೇ ಜನಪ್ರಿಯರಾಗಿರುವ ಇವರು ಅರಣ್ಯ ಇಲಾಖೆಯ ಸಹಕಾರದೊಂದಿಗೆ ಹಾವುಗಳನ್ನು ಸುರಕ್ಷಿತ ಸ್ಥಳಕ್ಕೆ ಬಿಡುತ್ತಾರೆ. ನಾಗರ ಹಾವುಗಳು ಅತಿ ಸೂಕ್ಷ್ಮ ಜೀವಿ (ಸರೀಸೃಪ) ಅದು ನಾವೆಲ್ಲರೂ ಅದಕ್ಕೆ ತೊಂದರೆ ಮಾಡದಿದ್ದರೆ ಅದು ನಮಗೆ ತೊಂದರೆ ಮಾಡುವುದಿಲ್ಲ. ಇಂತಹ ಜೀವಿಗಳನ್ನು ಕೊಲ್ಲದೇ ರಕ್ಷಿಸುವುದು ನಮ್ಮ ಕರ್ತವ್ಯ ಎಂದು ಶ್ರೀಕಾಂತ್ ಹೇಳುತ್ತಾರೆ. ಇತ್ತೀಚೆಗೆ ಜಿಲ್ಲಾಡಳಿತ ಭವನದಲ್ಲಿ ಕಾಣಿಸಿಕೊಂಡಿದ್ದ ನಾಗರ ಹಾವನ್ನು ರಕ್ಷಿಸಿದ ಇವರು ಸುಮಾರು 45 ಕ್ಕೂ ಹೆಚ್ಚು ಹಾವುಗಳನ್ನು ಕಳೆದ ವರ್ಷ ರಕ್ಷಿಸಿದ್ದಾರೆ. ಇವರ ಈ ಸೇವೆಯನ್ನು ಗುರುತಿಸಿ ಹಲವು ಸಂಘ ಸಂಸ್ಥೆಗಳು ಸನ್ಮಾನಿಸಿವೆ. ಹಾವುಗಳ ಬಗ್ಗೆ ಜನರಲ್ಲಿ ಜಾಗೃತಿ ಮೂಡಿಸುವ ಕೆಲಸವನ್ನೂ ಇವರು ಮಾಡುತ್ತಿದ್ದಾರೆ. ಸಂಪರ್ಕ: ಶ್ರೀಕಾಂತ್ ಮರೆಯಮ್ಮನವರ ಮೊ:8971191380 ಕರೆ ಮಾಡಿ. ನಿಮ್ಮ ಸುತ್ತಮುತ್ತ ಹಾವು ಕಂಡುಬಂದರೆ ಕೊಲ್ಲದೇ ಇವರನ್ನು ಸಂಪರ್ಕಿಸಿ.
- ಮಾಲತೇಶ ಅಂಗೂರ, ಹಾವೇರಿ
ಹರಿಹರ: ತಾಲೂಕಿನ ಬಾತಿ ತಪೋವನ ಕಾಲೇಜಿನಲ್ಲಿ ಅಂತರರಾಷ್ಟ್ರೀಯ ಯೋಗ ದಿನವನ್ನು ಆಚರಿಸಲಾಯಿತು. ಡಾ. ಶಶಿಕುಮಾರ್ ಮೆಹರ್ವಾಡೆ, ತಪೋವನದ ಕಾರ್ಯದರ್ಶಿ ಡಾ. ಪ್ರಮೋದ್ ಮೆಹರ್ವಾಡೆ ವಿದ್ಯಾರ್ಥಿಗಳು, ಅಧ್ಯಾಪಕರು ಭಾಗವಹಿಸಿದ್ದರು.
ಜೂನ್-2025 ನೇ ಮಾಹೆಯಲ್ಲಿ ವಿತರಿಸುವ ಪಡಿತರ ಪ್ರಮಾಣ ವಿವರ ಪ್ರಕಟಣೆ ಕುರಿತು
ರಾಣೆಬೆನ್ನೂರು ತಾಲೂಕ ವ್ಯಾಪ್ತಿಯಲ್ಲಿ ಬರುವ ಎಲ್ಲ ಅರ್ಹ ಪಡಿತರದಾರರಿಗೆ ಈ ಮೂಲಕ ತಿಳಿಯಪಡಿಸುವುದೇನೆಂದರೆ, ಜೂನ್-2025 ನೇ ಮಾಹೆಯಲ್ಲಿ ಪಡಿತರ ವಿತರಣೆ ಕೇಂದ್ರಗಳಲ್ಲಿ ಈ ಕೆಳಕಂಡ ಪಡಿತರವನ್ನು ಉಚಿತವಾಗಿ ನೀಡಲಾಗುವುದು
ಪಡಿತರ ಚೀಟಿಯ ವಿಧ	ಪ್ರಮಾಣ	ಅಕ್ಕಿ	ಜೋಳ	ದರ
ಅಂತ್ಯೋದಯ ಪಡಿತರ ಚೀಟಿ (ಎ.ಎ.ವೈ)	01 ರಿಂದ 03 ಸದಸ್ಯರವರ ಪ್ರತಿ ಪಡಿತರ ಚೀಟಿಗೆ	21	14	ಉಚಿತ
	04 ಸದಸ್ಯರುಳ್ಳ ಪ್ರತಿ ಪಡಿತರ ಚೀಟಿಗೆ	26	14	
	05 ಸದಸ್ಯರುಳ್ಳ ಪ್ರತಿ ಪಡಿತರ ಚೀಟಿಗೆ	36	14	
	06 ಸದಸ್ಯರುಳ್ಳ ಪ್ರತಿ ಪಡಿತರ ಚೀಟಿಗೆ	46	14	
	07 ಸದಸ್ಯರುಳ್ಳ ಪ್ರತಿ ಪಡಿತರ ಚೀಟಿಗೆ	56	14	
	08 ಸದಸ್ಯರುಳ್ಳ ಪ್ರತಿ ಪಡಿತರ ಚೀಟಿಗೆ	66	14	
	09 ಸದಸ್ಯರುಳ್ಳ ಪ್ರತಿ ಪಡಿತರ ಚೀಟಿಗೆ	76	14	
	10 ಸದಸ್ಯರುಳ್ಳ ಪ್ರತಿ ಪಡಿತರ ಚೀಟಿಗೆ	86	14	
ಬಿ.ಪಿ.ಎಲ್ ಸೆಂಟ್ರಲ್ ಪಡಿತರ ಚೀಟಿ	ಪಡಿತರ ಚೀಟಿಯಲ್ಲಿನ ಪ್ರತಿಯೊಬ್ಬ ಸದಸ್ಯನಿಗೆ	10	0	ಉಚಿತ
ಬಿ.ಪಿ.ಎಲ್ ಸ್ಟೇಟ್ ಪಡಿತರ ಚೀಟಿ	ಪಡಿತರ ಚೀಟಿಯಲ್ಲಿನ ಪ್ರತಿಯೊಬ್ಬ ಸದಸ್ಯನಿಗೆ	8	2	ಉಚಿತ
ಮೇಲ್ಕಂಡ ಪ್ರಮಾಣದಂತೆ ಜೂನ್-2025ರ ಮಾಹೆಯ ಪಡಿತರವನ್ನು ಆಯಾ ನ್ಯಾಯ ಬೆಲೆ ಅಂಗಡಿಗಳಲ್ಲಿ ವಿತರಿಸಲಾಗುವುದು. ಈ ಬಗ್ಗೆ ಯಾವುದೇ ದೂರುಗಳು ಇದ್ದಲ್ಲಿ ಆಹಾರ ನಿರೀಕ್ಷಕರನ್ನು ಸಂಪರ್ಕಿಸಲು ಕೋರಿದೆ.
